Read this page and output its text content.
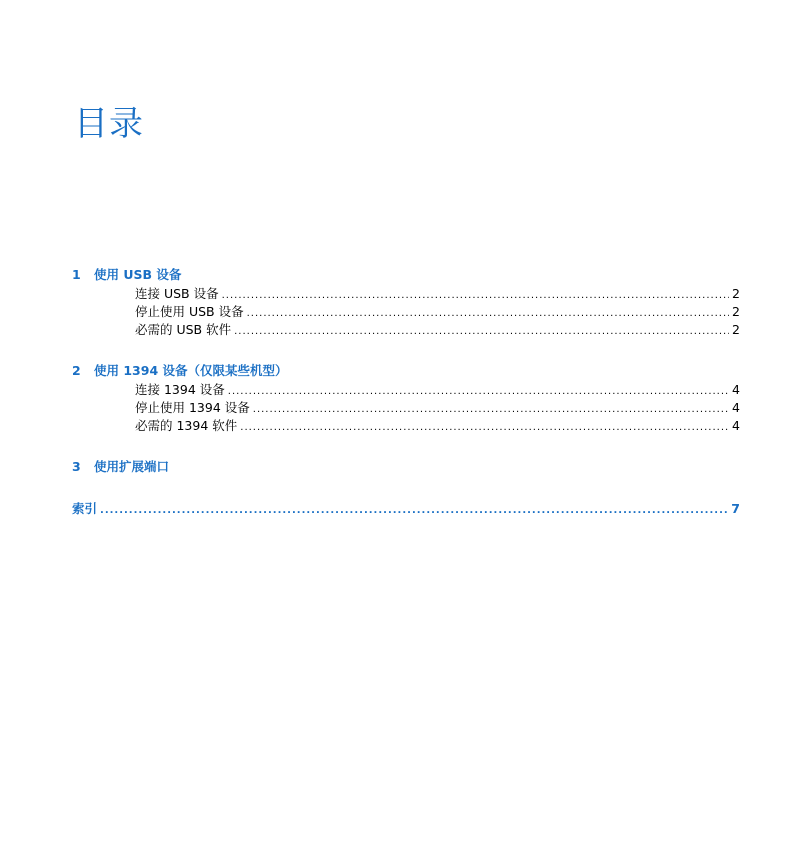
目录
1	使用 USB 设备
连接 USB 设备 .....	2
停止使用 USB 设备 .....	2
必需的 USB 软件 .....	2
2	使用 1394 设备（仅限某些机型）
连接 1394 设备 .....	4
停止使用 1394 设备 .....	4
必需的 1394 软件 .....	4
3	使用扩展端口
索引 .....	7
